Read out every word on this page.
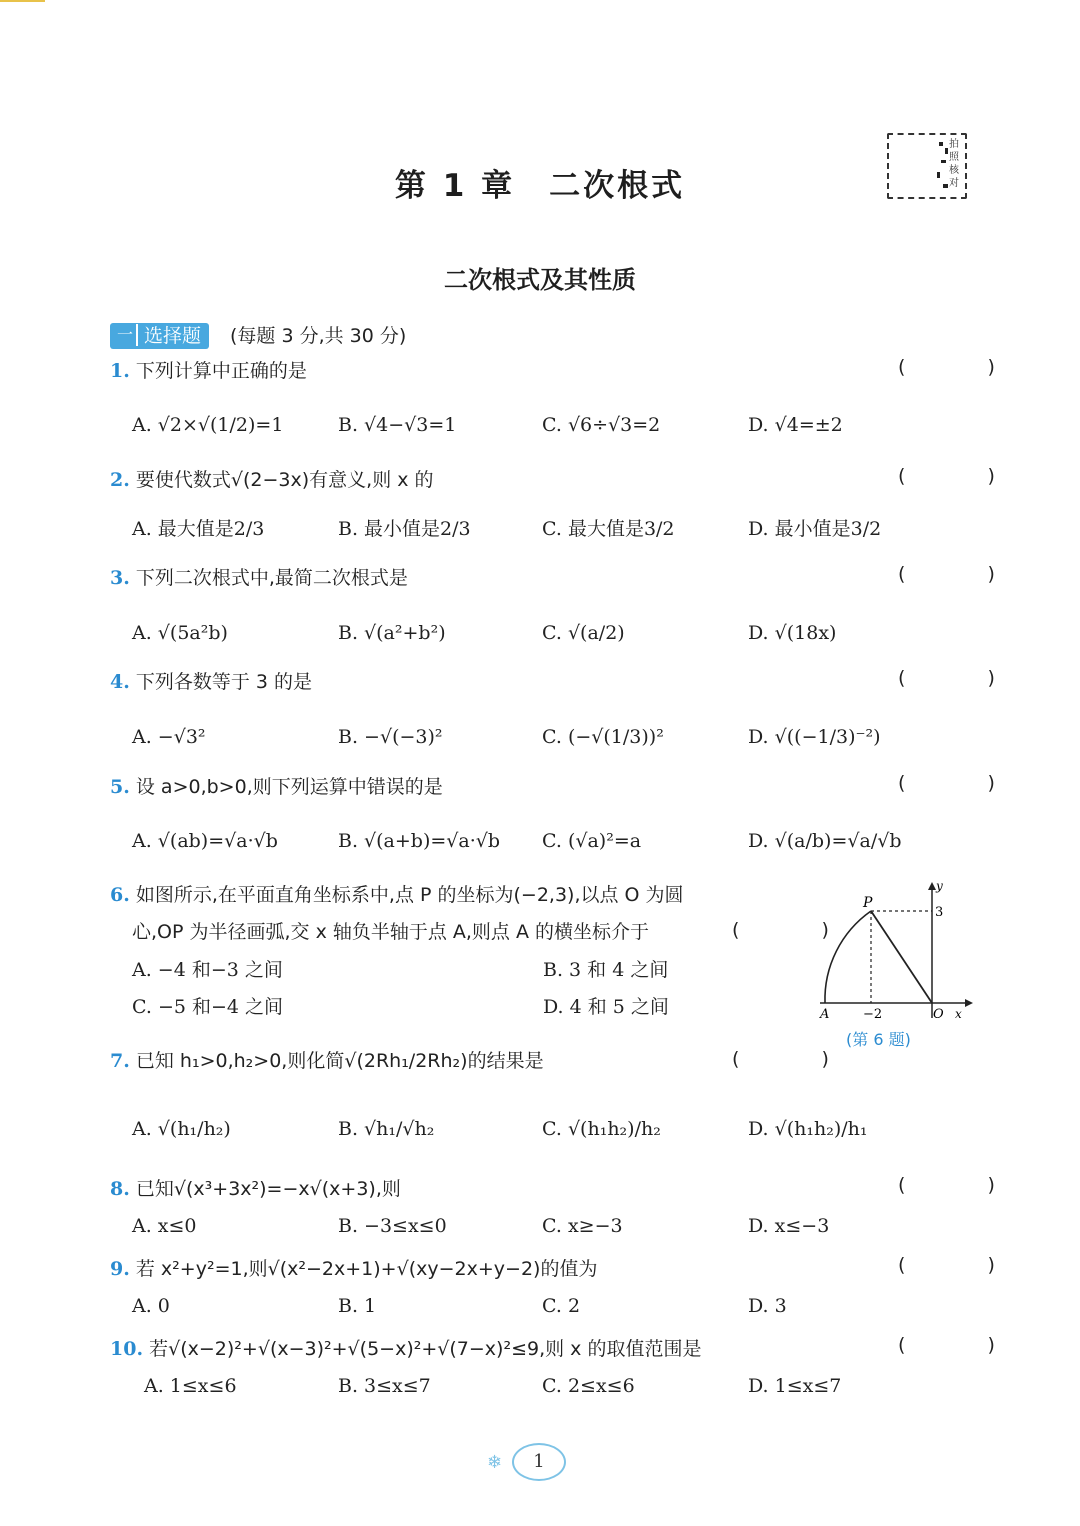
第 1 章　二次根式
拍照核对
二次根式及其性质
一 选择题	(每题 3 分,共 30 分)
1. 下列计算中正确的是	( )
A. √2×√(1/2)=1	B. √4−√3=1	C. √6÷√3=2	D. √4=±2
2. 要使代数式√(2−3x)有意义,则 x 的	( )
A. 最大值是2/3	B. 最小值是2/3	C. 最大值是3/2	D. 最小值是3/2
3. 下列二次根式中,最简二次根式是	( )
A. √(5a²b)	B. √(a²+b²)	C. √(a/2)	D. √(18x)
4. 下列各数等于 3 的是	( )
A. −√3²	B. −√(−3)²	C. (−√(1/3))²	D. √((−1/3)⁻²)
5. 设 a>0,b>0,则下列运算中错误的是	( )
A. √(ab)=√a·√b	B. √(a+b)=√a·√b C. (√a)²=a	D. √(a/b)=√a/√b
6. 如图所示,在平面直角坐标系中,点 P 的坐标为(−2,3),以点 O 为圆
心,OP 为半径画弧,交 x 轴负半轴于点 A,则点 A 的横坐标介于	( )
A. −4 和−3 之间	B. 3 和 4 之间
C. −5 和−4 之间	D. 4 和 5 之间
P
y
3
−2
A	O x
(第 6 题)
7. 已知 h₁>0,h₂>0,则化简√(2Rh₁/2Rh₂)的结果是	( )
A. √(h₁/h₂)	B. √h₁/√h₂	C. √(h₁h₂)/h₂	D. √(h₁h₂)/h₁
8. 已知√(x³+3x²)=−x√(x+3),则	( )
A. x≤0	B. −3≤x≤0	C. x≥−3	D. x≤−3
9. 若 x²+y²=1,则√(x²−2x+1)+√(xy−2x+y−2)的值为	( )
A. 0	B. 1	C. 2	D. 3
10. 若√(x−2)²+√(x−3)²+√(5−x)²+√(7−x)²≤9,则 x 的取值范围是	( )
A. 1≤x≤6	B. 3≤x≤7	C. 2≤x≤6	D. 1≤x≤7
❄	1
